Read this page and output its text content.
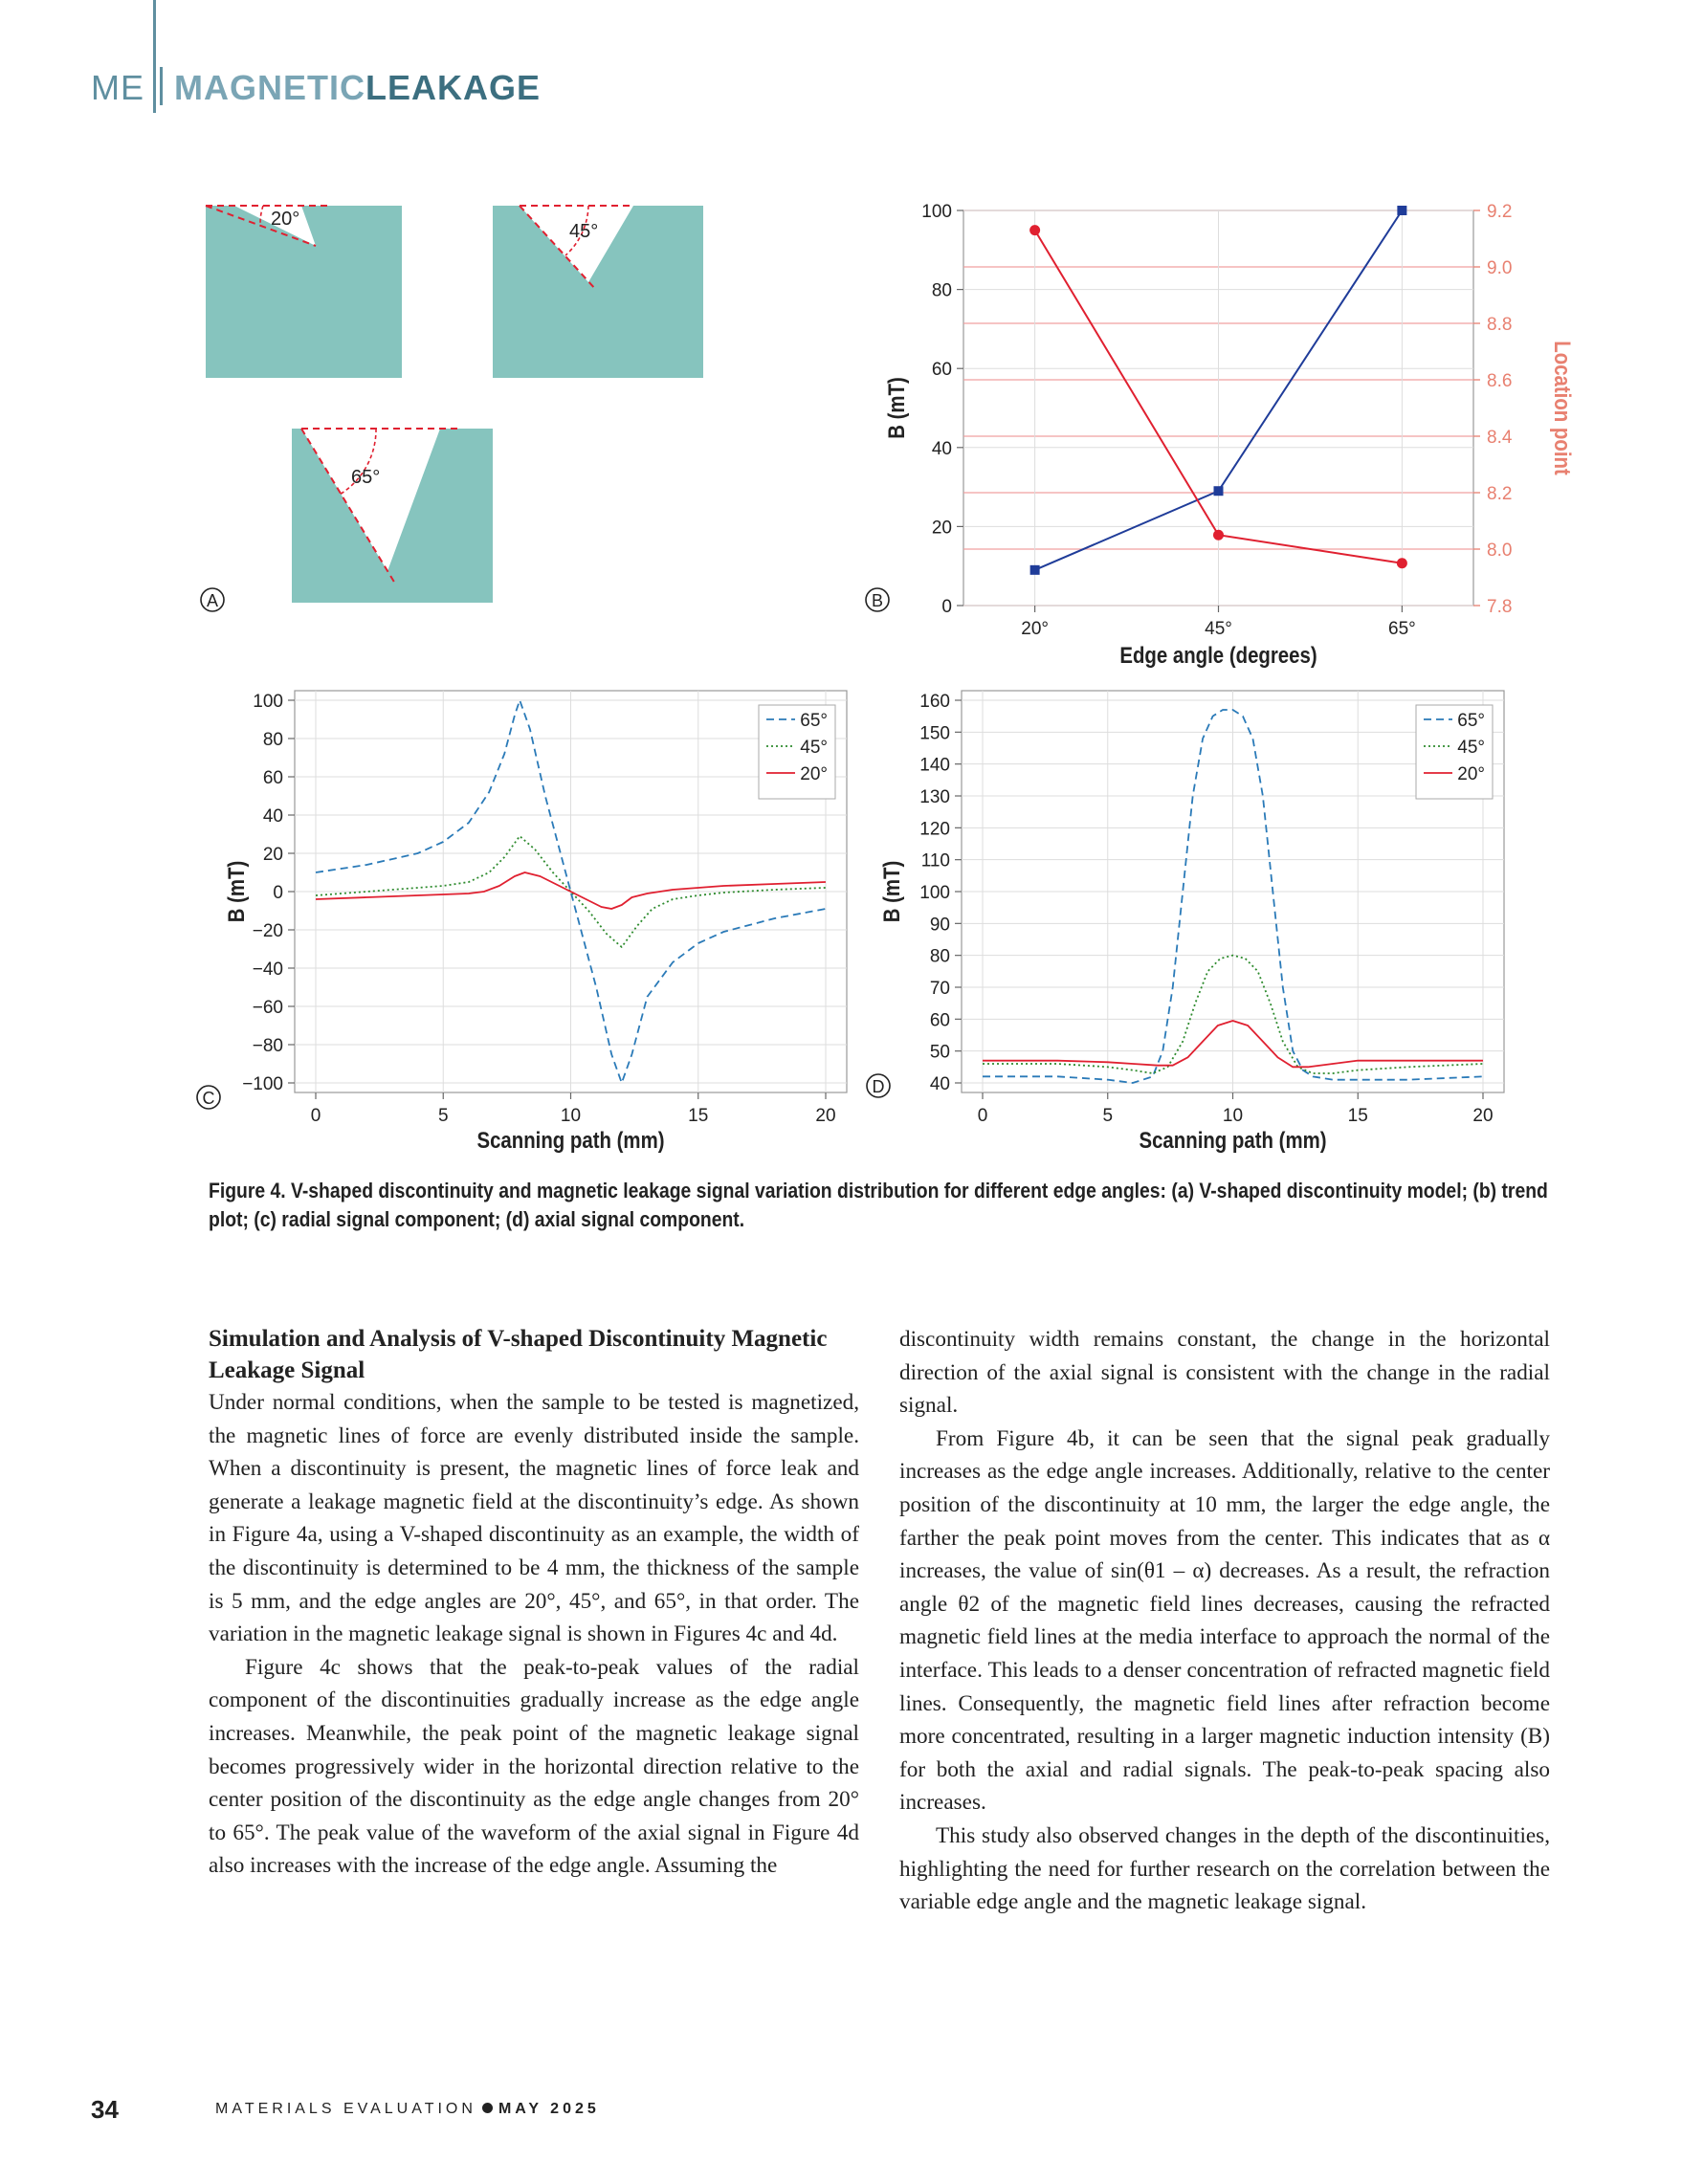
ME MAGNETICLEAKAGE
20°
45°
65°
A	7.8
8.0
8.2
8.4
8.6
8.8
9.0
9.2
0
20
40
60
80
100
20°	45°	65°
Edge angle (degrees)
B (mT)	Location point
B
−100
−80
−60
−40
−20
0
20
40
60
80
100
0	5	10	15	20
65°
45°
20°
Scanning path (mm)
B (mT)
C
40
50
60
70
80
90
100
110
120
130
140
150
160
0	5	10	15	20
65°
45°
20°
Scanning path (mm)
B (mT)
D
Figure 4. V-shaped discontinuity and magnetic leakage signal variation distribution for different edge angles: (a) V-shaped discontinuity model; (b) trend plot; (c) radial signal component; (d) axial signal component.
Simulation and Analysis of V-shaped Discontinuity Magnetic Leakage Signal

Under normal conditions, when the sample to be tested is magnetized, the magnetic lines of force are evenly distributed inside the sample. When a discontinuity is present, the magnetic lines of force leak and generate a leakage magnetic field at the discontinuity’s edge. As shown in Figure 4a, using a V-shaped discontinuity as an example, the width of the discontinuity is determined to be 4 mm, the thickness of the sample is 5 mm, and the edge angles are 20°, 45°, and 65°, in that order. The variation in the magnetic leakage signal is shown in Figures 4c and 4d.

Figure 4c shows that the peak-to-peak values of the radial component of the discontinuities gradually increase as the edge angle increases. Meanwhile, the peak point of the magnetic leakage signal becomes progressively wider in the horizontal direction relative to the center position of the discontinuity as the edge angle changes from 20° to 65°. The peak value of the waveform of the axial signal in Figure 4d also increases with the increase of the edge angle. Assuming the

discontinuity width remains constant, the change in the horizontal direction of the axial signal is consistent with the change in the radial signal.

From Figure 4b, it can be seen that the signal peak gradually increases as the edge angle increases. Additionally, relative to the center position of the discontinuity at 10 mm, the larger the edge angle, the farther the peak point moves from the center. This indicates that as α increases, the value of sin(θ1 – α) decreases. As a result, the refraction angle θ2 of the magnetic field lines decreases, causing the refracted magnetic field lines at the media interface to approach the normal of the interface. This leads to a denser concentration of refracted magnetic field lines. Consequently, the magnetic field lines after refraction become more concentrated, resulting in a larger magnetic induction intensity (B) for both the axial and radial signals. The peak-to-peak spacing also increases.

This study also observed changes in the depth of the discontinuities, highlighting the need for further research on the correlation between the variable edge angle and the magnetic leakage signal.

34	MATERIALS EVALUATION MAY 2025
